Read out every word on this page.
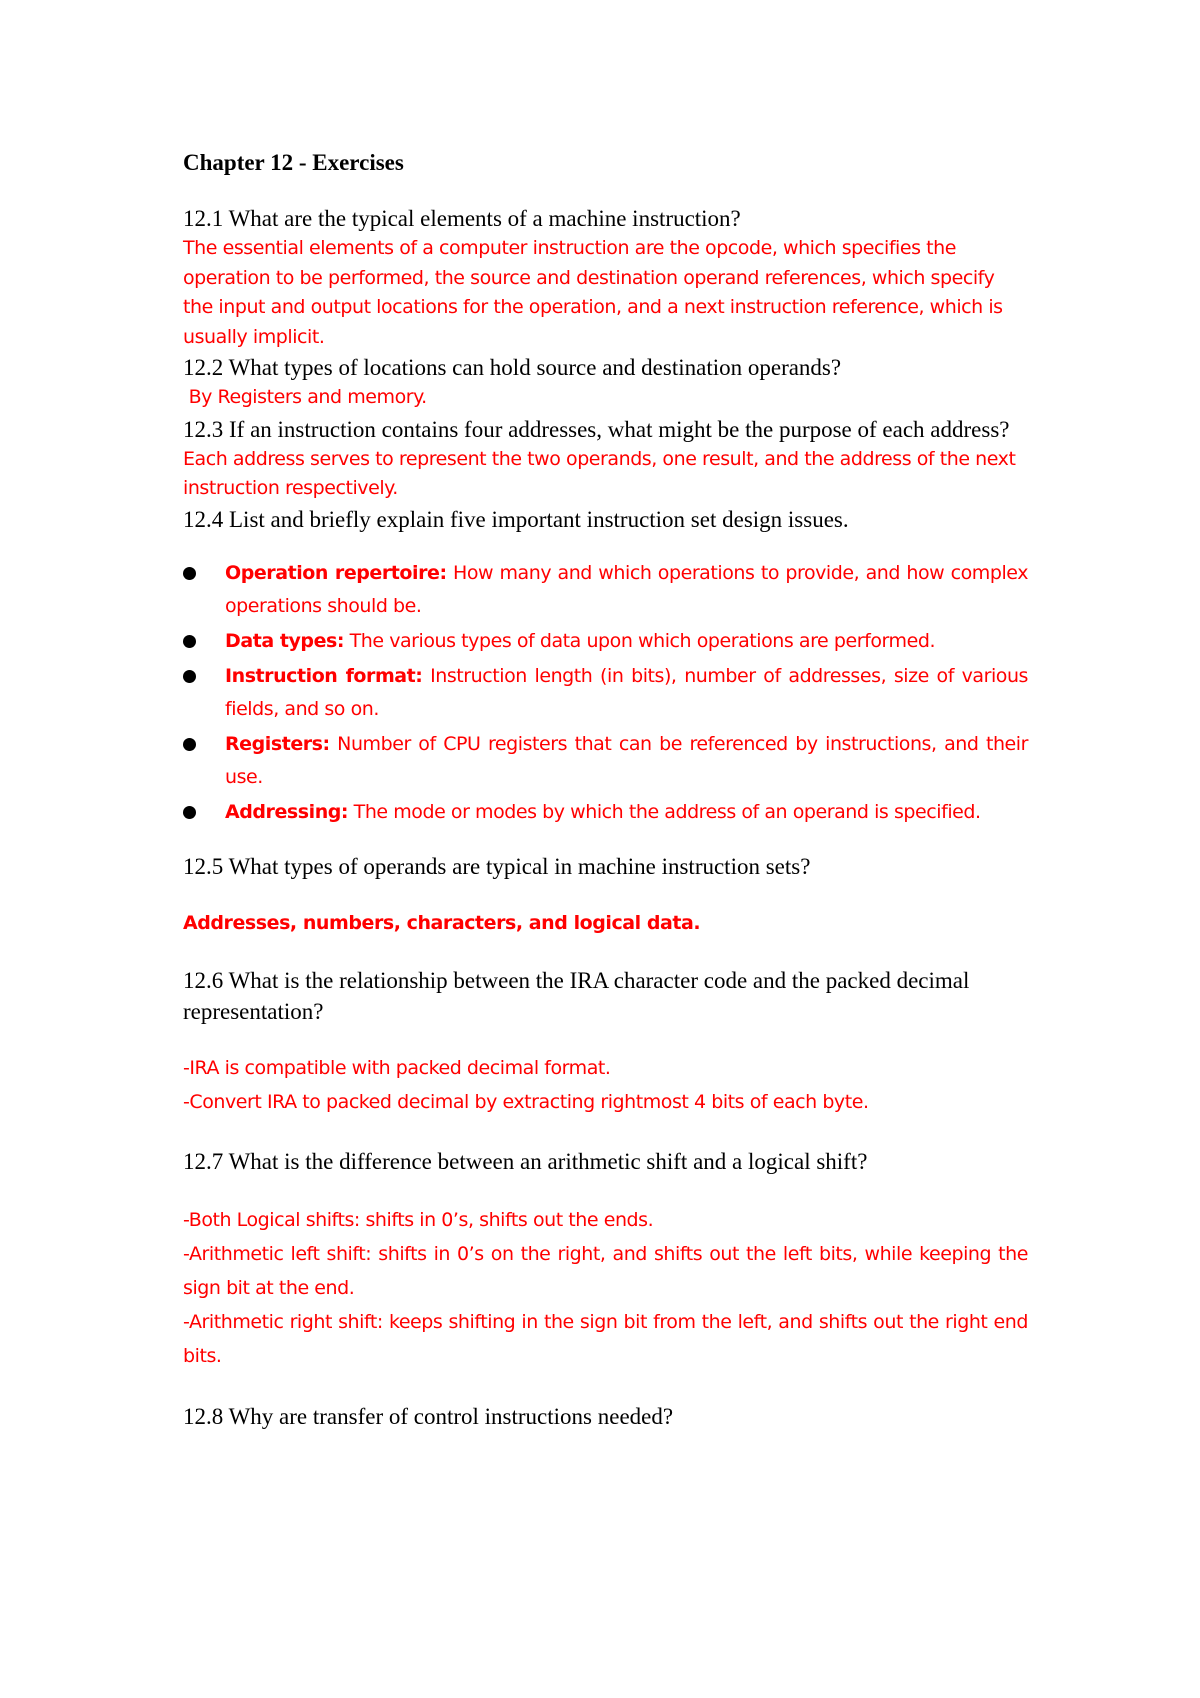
Chapter 12 - Exercises

12.1 What are the typical elements of a machine instruction?

The essential elements of a computer instruction are the opcode, which specifies the operation to be performed, the source and destination operand references, which specify the input and output locations for the operation, and a next instruction reference, which is usually implicit.

12.2 What types of locations can hold source and destination operands?

By Registers and memory.

12.3 If an instruction contains four addresses, what might be the purpose of each address?

Each address serves to represent the two operands, one result, and the address of the next instruction respectively.

12.4 List and briefly explain five important instruction set design issues.

Operation repertoire: How many and which operations to provide, and how complex operations should be.
Data types: The various types of data upon which operations are performed.
Instruction format: Instruction length (in bits), number of addresses, size of various fields, and so on.
Registers: Number of CPU registers that can be referenced by instructions, and their use.
Addressing: The mode or modes by which the address of an operand is specified.

12.5 What types of operands are typical in machine instruction sets?

Addresses, numbers, characters, and logical data.

12.6 What is the relationship between the IRA character code and the packed decimal representation?

-IRA is compatible with packed decimal format.

-Convert IRA to packed decimal by extracting rightmost 4 bits of each byte.

12.7 What is the difference between an arithmetic shift and a logical shift?

-Both Logical shifts: shifts in 0’s, shifts out the ends.

-Arithmetic left shift: shifts in 0’s on the right, and shifts out the left bits, while keeping the sign bit at the end.

-Arithmetic right shift: keeps shifting in the sign bit from the left, and shifts out the right end bits.

12.8 Why are transfer of control instructions needed?
